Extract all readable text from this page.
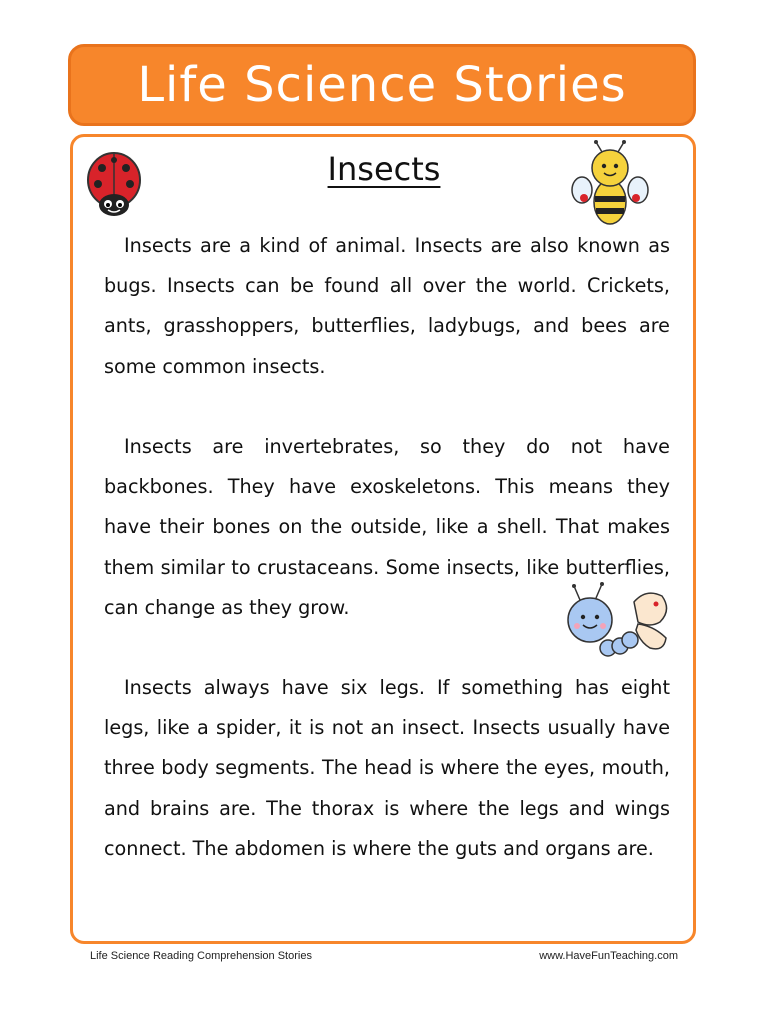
Life Science Stories
Insects

Insects are a kind of animal. Insects are also known as bugs. Insects can be found all over the world. Crickets, ants, grasshoppers, butterflies, ladybugs, and bees are some common insects.

Insects are invertebrates, so they do not have backbones. They have exoskeletons. This means they have their bones on the outside, like a shell. That makes them similar to crustaceans. Some insects, like butterflies, can change as they grow.

Insects always have six legs. If something has eight legs, like a spider, it is not an insect. Insects usually have three body segments. The head is where the eyes, mouth, and brains are. The thorax is where the legs and wings connect. The abdomen is where the guts and organs are.

Life Science Reading Comprehension Stories	www.HaveFunTeaching.com
